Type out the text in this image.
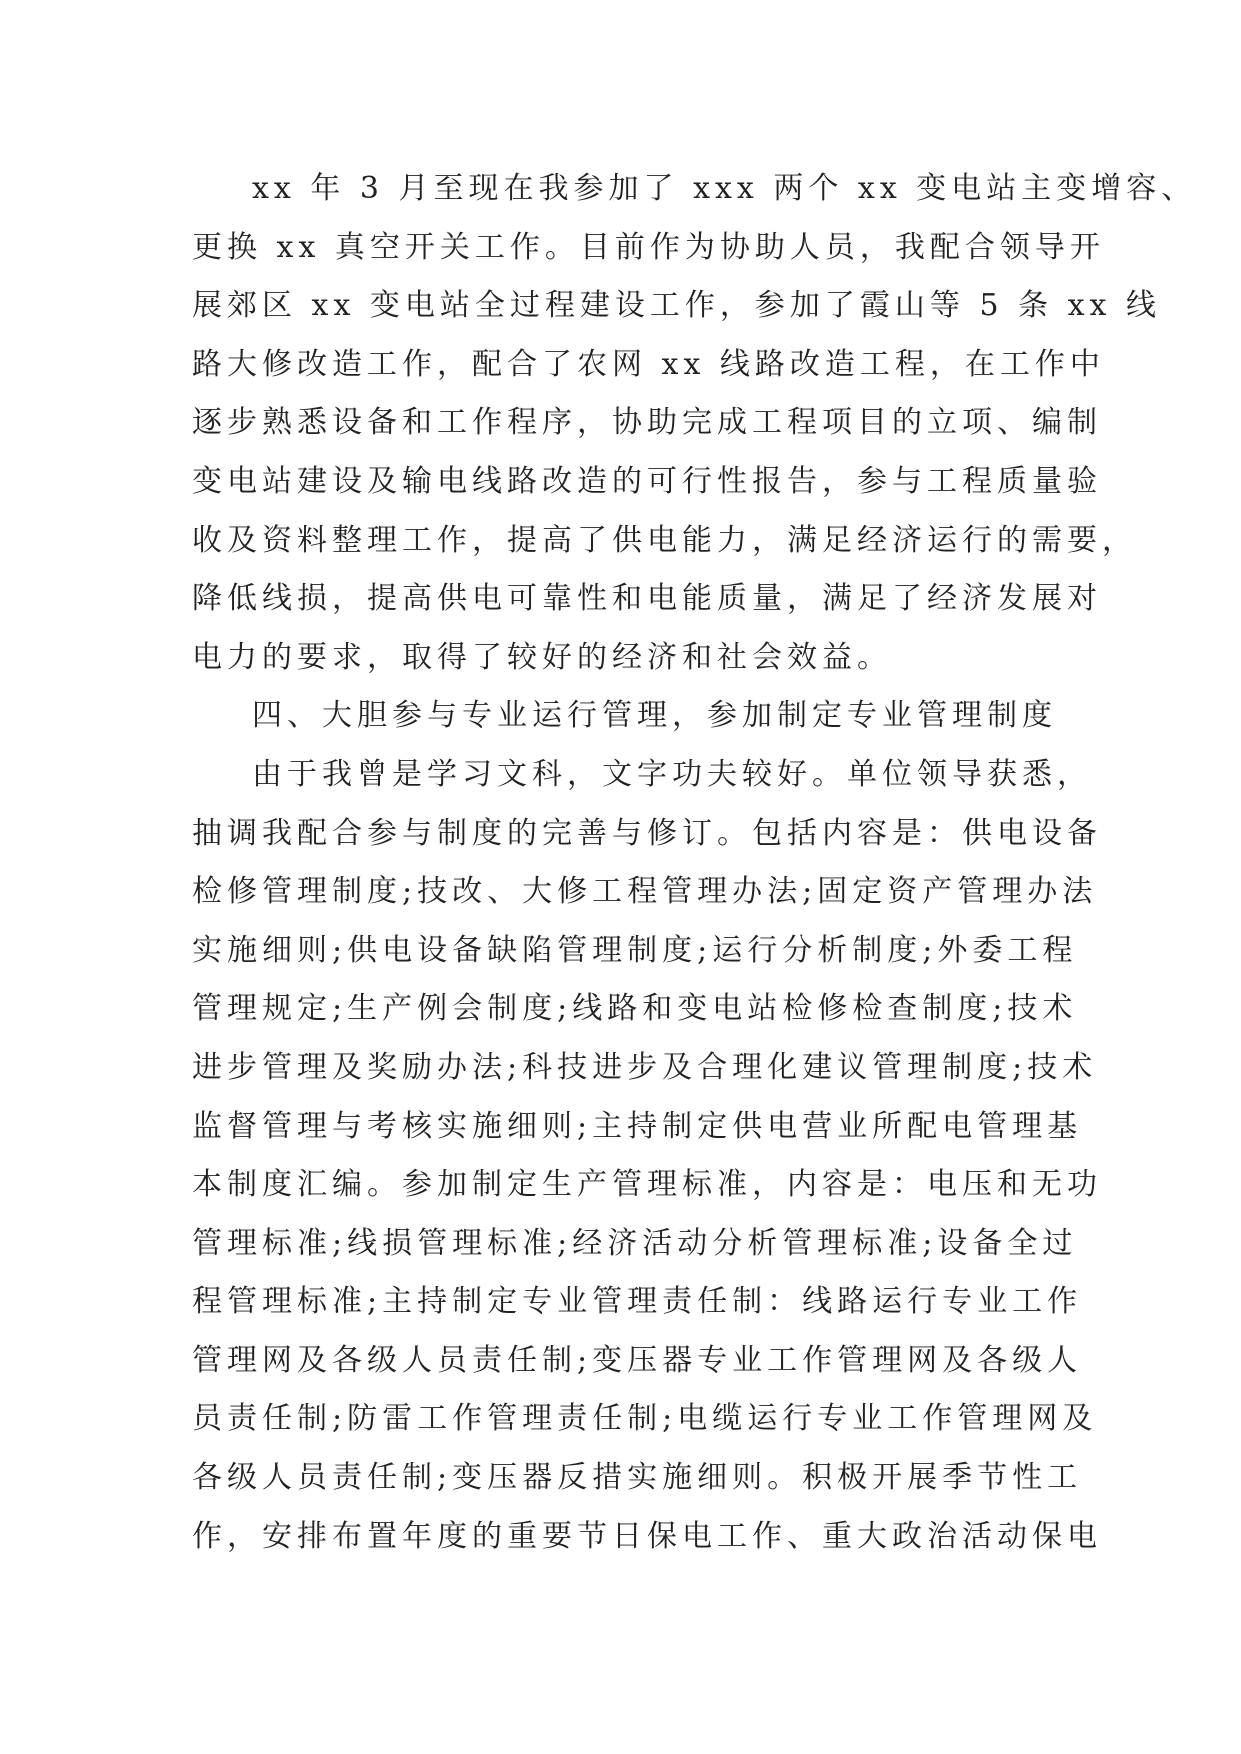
xx 年 3 月至现在我参加了 xxx 两个 xx 变电站主变增容、
更换 xx 真空开关工作。目前作为协助人员，我配合领导开
展郊区 xx 变电站全过程建设工作，参加了霞山等 5 条 xx 线
路大修改造工作，配合了农网 xx 线路改造工程，在工作中
逐步熟悉设备和工作程序，协助完成工程项目的立项、编制
变电站建设及输电线路改造的可行性报告，参与工程质量验
收及资料整理工作，提高了供电能力，满足经济运行的需要，
降低线损，提高供电可靠性和电能质量，满足了经济发展对
电力的要求，取得了较好的经济和社会效益。
四、大胆参与专业运行管理，参加制定专业管理制度
由于我曾是学习文科，文字功夫较好。单位领导获悉，
抽调我配合参与制度的完善与修订。包括内容是：供电设备
检修管理制度;技改、大修工程管理办法;固定资产管理办法
实施细则;供电设备缺陷管理制度;运行分析制度;外委工程
管理规定;生产例会制度;线路和变电站检修检查制度;技术
进步管理及奖励办法;科技进步及合理化建议管理制度;技术
监督管理与考核实施细则;主持制定供电营业所配电管理基
本制度汇编。参加制定生产管理标准，内容是：电压和无功
管理标准;线损管理标准;经济活动分析管理标准;设备全过
程管理标准;主持制定专业管理责任制：线路运行专业工作
管理网及各级人员责任制;变压器专业工作管理网及各级人
员责任制;防雷工作管理责任制;电缆运行专业工作管理网及
各级人员责任制;变压器反措实施细则。积极开展季节性工
作，安排布置年度的重要节日保电工作、重大政治活动保电
